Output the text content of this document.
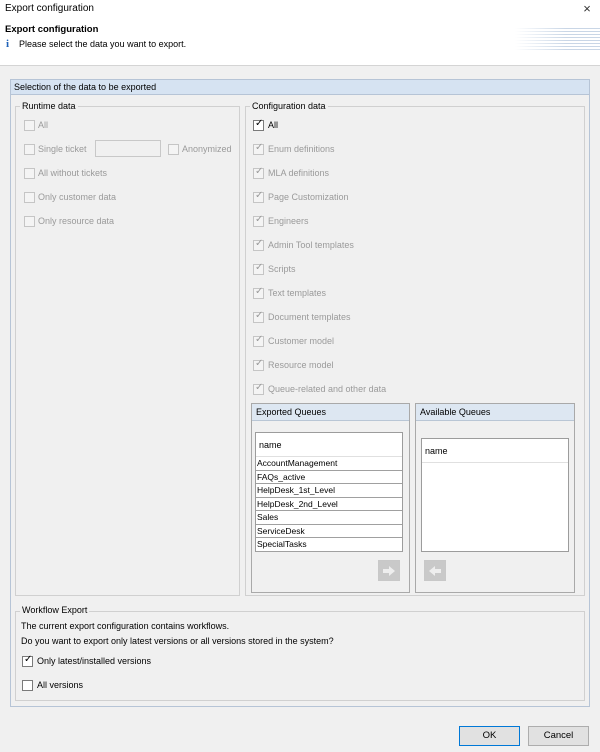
Export configuration	×
Export configuration
i	Please select the data you want to export.
Selection of the data to be exported
Runtime data
All
Single ticket	Anonymized
All without tickets
Only customer data
Only resource data
Configuration data
✓ All
✓ Enum definitions
✓ MLA definitions
✓ Page Customization
✓ Engineers
✓ Admin Tool templates
✓ Scripts
✓ Text templates
✓ Document templates
✓ Customer model
✓ Resource model
✓ Queue-related and other data
Exported Queues
name
AccountManagement
FAQs_active
HelpDesk_1st_Level
HelpDesk_2nd_Level
Sales
ServiceDesk
SpecialTasks
Available Queues
name
Workflow Export
The current export configuration contains workflows.
Do you want to export only latest versions or all versions stored in the system?
✓ Only latest/installed versions
All versions
OK	Cancel
